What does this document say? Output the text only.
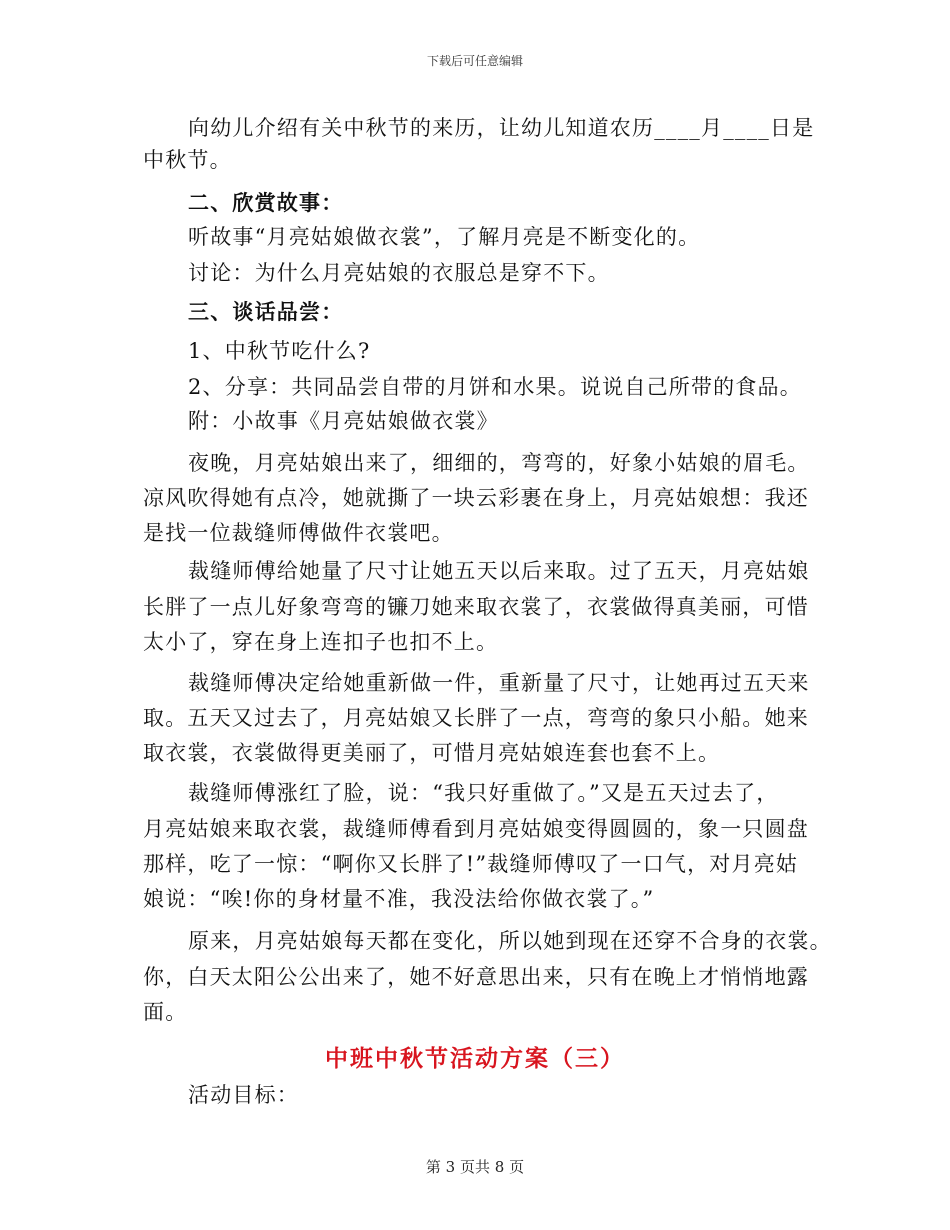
下载后可任意编辑
向幼儿介绍有关中秋节的来历，让幼儿知道农历____月____日是
中秋节。
二、欣赏故事：
听故事“月亮姑娘做衣裳”，了解月亮是不断变化的。
讨论：为什么月亮姑娘的衣服总是穿不下。
三、谈话品尝：
1、中秋节吃什么?
2、分享：共同品尝自带的月饼和水果。说说自己所带的食品。
附：小故事《月亮姑娘做衣裳》
夜晚，月亮姑娘出来了，细细的，弯弯的，好象小姑娘的眉毛。
凉风吹得她有点冷，她就撕了一块云彩裹在身上，月亮姑娘想：我还
是找一位裁缝师傅做件衣裳吧。
裁缝师傅给她量了尺寸让她五天以后来取。过了五天，月亮姑娘
长胖了一点儿好象弯弯的镰刀她来取衣裳了，衣裳做得真美丽，可惜
太小了，穿在身上连扣子也扣不上。
裁缝师傅决定给她重新做一件，重新量了尺寸，让她再过五天来
取。五天又过去了，月亮姑娘又长胖了一点，弯弯的象只小船。她来
取衣裳，衣裳做得更美丽了，可惜月亮姑娘连套也套不上。
裁缝师傅涨红了脸，说：“我只好重做了。”又是五天过去了，
月亮姑娘来取衣裳，裁缝师傅看到月亮姑娘变得圆圆的，象一只圆盘
那样，吃了一惊：“啊你又长胖了!”裁缝师傅叹了一口气，对月亮姑
娘说：“唉!你的身材量不准，我没法给你做衣裳了。”
原来，月亮姑娘每天都在变化，所以她到现在还穿不合身的衣裳。
你，白天太阳公公出来了，她不好意思出来，只有在晚上才悄悄地露
面。
中班中秋节活动方案（三）
活动目标：
第 3 页共 8 页
